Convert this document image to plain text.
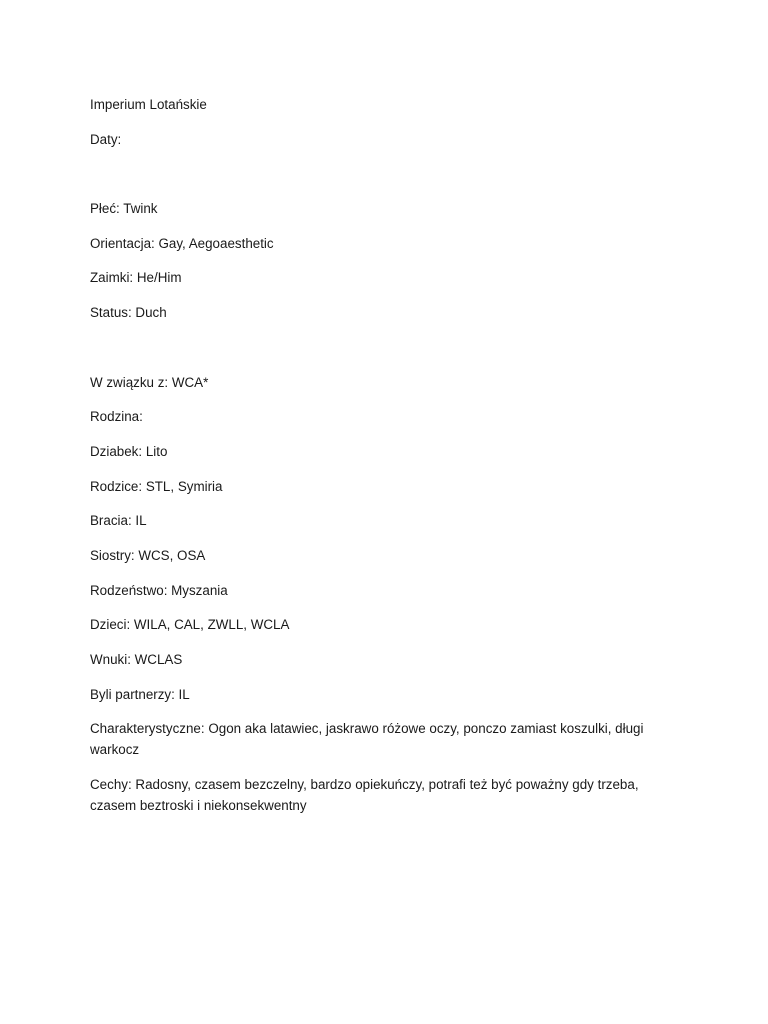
Imperium Lotańskie

Daty:

Płeć: Twink

Orientacja: Gay, Aegoaesthetic

Zaimki: He/Him

Status: Duch

W związku z: WCA*

Rodzina:

Dziabek: Lito

Rodzice: STL, Symiria

Bracia: IL

Siostry: WCS, OSA

Rodzeństwo: Myszania

Dzieci: WILA, CAL, ZWLL, WCLA

Wnuki: WCLAS

Byli partnerzy: IL

Charakterystyczne: Ogon aka latawiec, jaskrawo różowe oczy, ponczo zamiast koszulki, długi warkocz

Cechy: Radosny, czasem bezczelny, bardzo opiekuńczy, potrafi też być poważny gdy trzeba, czasem beztroski i niekonsekwentny
